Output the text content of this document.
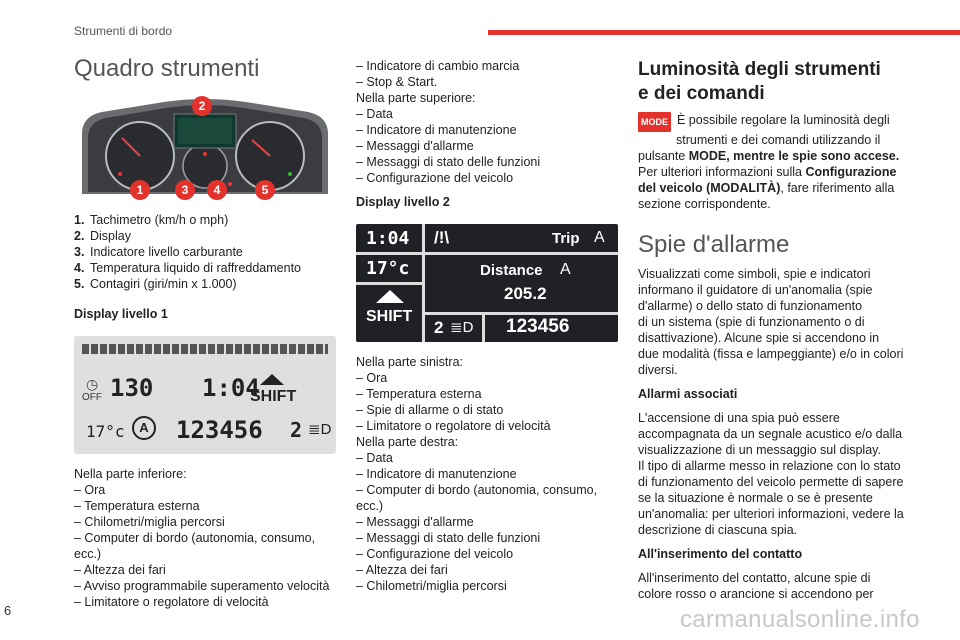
Strumenti di bordo
6	carmanualsonline.info
Quadro strumenti
1
2
3	4	5
1. Tachimetro (km/h o mph)
2. Display
3. Indicatore livello carburante
4. Temperatura liquido di raffreddamento
5. Contagiri (giri/min x 1.000)
Display livello 1
◷
OFF 130 1:04
SHIFT
17°c	A	123456 2 ≣D
Nella parte inferiore:
– Ora
– Temperatura esterna
– Chilometri/miglia percorsi
– Computer di bordo (autonomia, consumo,
ecc.)
– Altezza dei fari
– Avviso programmabile superamento velocità
– Limitatore o regolatore di velocità
– Indicatore di cambio marcia
– Stop & Start.
Nella parte superiore:
– Data
– Indicatore di manutenzione
– Messaggi d'allarme
– Messaggi di stato delle funzioni
– Configurazione del veicolo
Display livello 2
1:04 /!\	Trip A
17°c	Distance A
205.2
SHIFT
2 ≣D 123456
Nella parte sinistra:
– Ora
– Temperatura esterna
– Spie di allarme o di stato
– Limitatore o regolatore di velocità
Nella parte destra:
– Data
– Indicatore di manutenzione
– Computer di bordo (autonomia, consumo,
ecc.)
– Messaggi d'allarme
– Messaggi di stato delle funzioni
– Configurazione del veicolo
– Altezza dei fari
– Chilometri/miglia percorsi
Luminosità degli strumenti
e dei comandi
MODE È possibile regolare la luminosità degli
strumenti e dei comandi utilizzando il
pulsante MODE, mentre le spie sono accese.
Per ulteriori informazioni sulla Configurazione
del veicolo (MODALITÀ), fare riferimento alla
sezione corrispondente.
Spie d'allarme
Visualizzati come simboli, spie e indicatori
informano il guidatore di un'anomalia (spie
d'allarme) o dello stato di funzionamento
di un sistema (spie di funzionamento o di
disattivazione). Alcune spie si accendono in
due modalità (fissa e lampeggiante) e/o in colori
diversi.
Allarmi associati
L'accensione di una spia può essere
accompagnata da un segnale acustico e/o dalla
visualizzazione di un messaggio sul display.
Il tipo di allarme messo in relazione con lo stato
di funzionamento del veicolo permette di sapere
se la situazione è normale o se è presente
un'anomalia: per ulteriori informazioni, vedere la
descrizione di ciascuna spia.
All'inserimento del contatto
All'inserimento del contatto, alcune spie di
colore rosso o arancione si accendono per
